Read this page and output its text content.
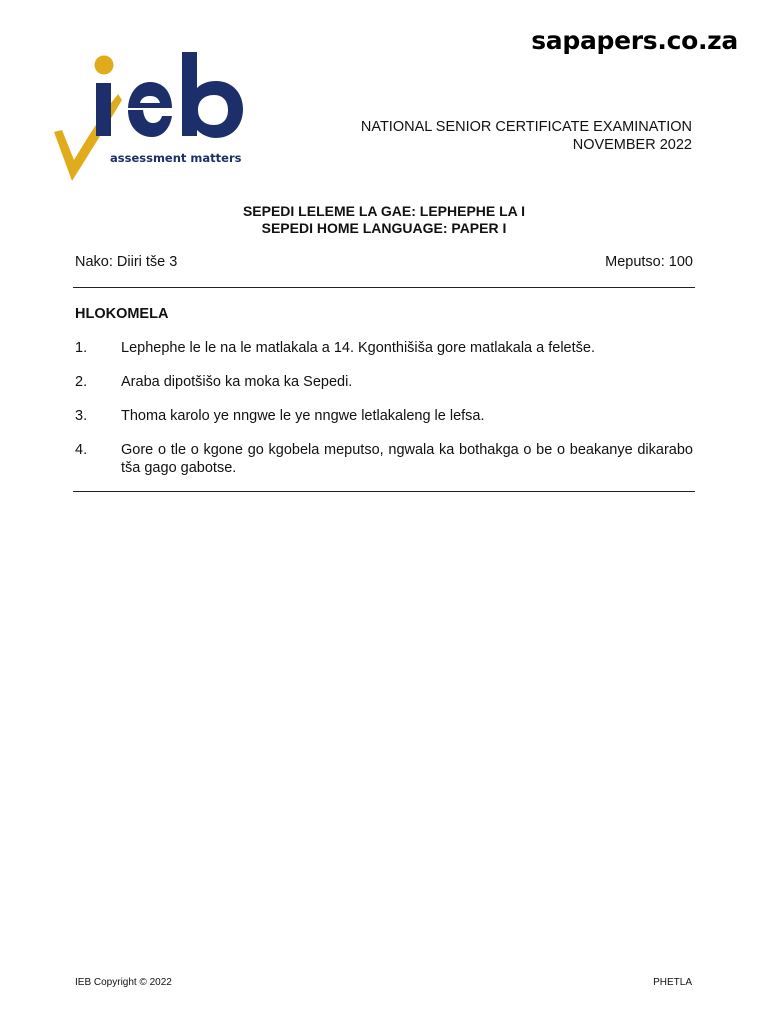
sapapers.co.za
assessment matters
NATIONAL SENIOR CERTIFICATE EXAMINATION
NOVEMBER 2022
SEPEDI LELEME LA GAE: LEPHEPHE LA I
SEPEDI HOME LANGUAGE: PAPER I
Nako: Diiri tše 3	Meputso: 100
HLOKOMELA
1.	Lephephe le le na le matlakala a 14. Kgonthišiša gore matlakala a feletše.
2.	Araba dipotšišo ka moka ka Sepedi.
3.	Thoma karolo ye nngwe le ye nngwe letlakaleng le lefsa.
4.	Gore o tle o kgone go kgobela meputso, ngwala ka bothakga o be o beakanye dikarabo tša gago gabotse.
IEB Copyright © 2022	PHETLA
